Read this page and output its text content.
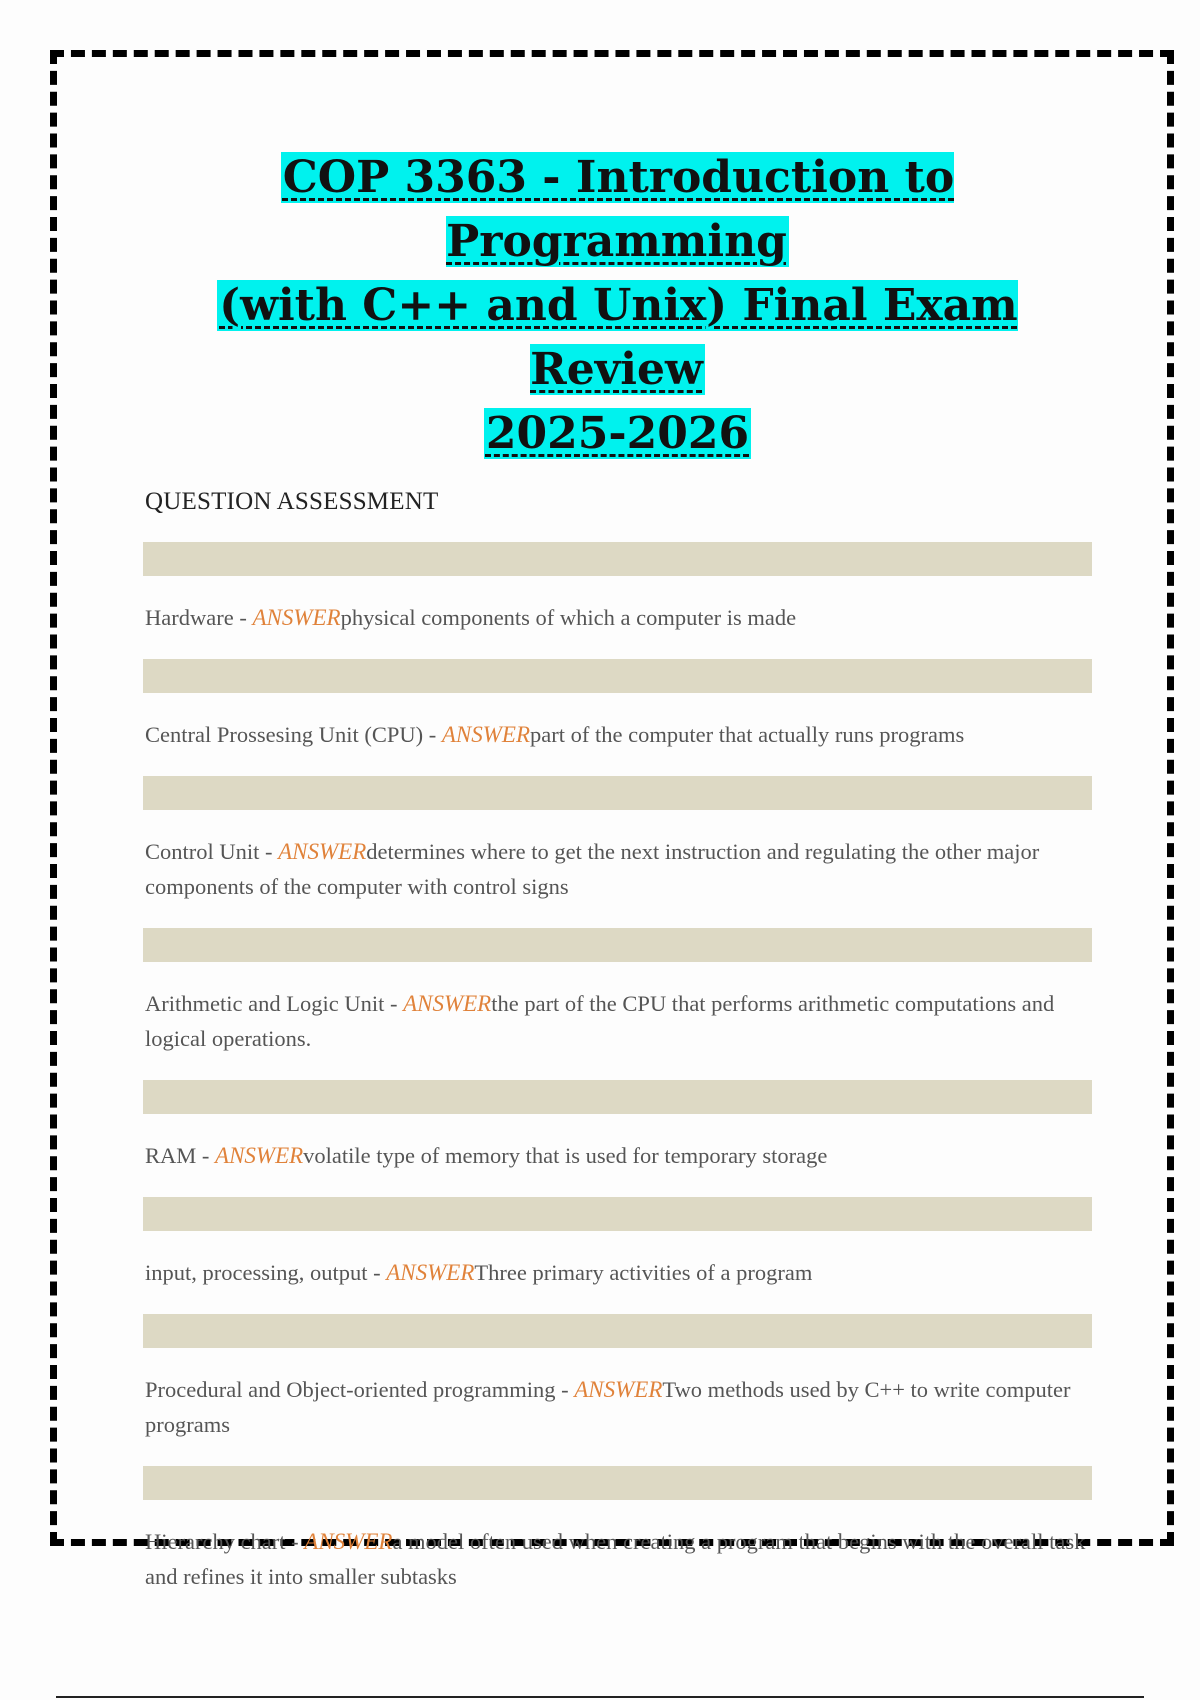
COP 3363 - Introduction to Programming
(with C++ and Unix) Final Exam Review
2025-2026
QUESTION ASSESSMENT
Hardware - ANSWERphysical components of which a computer is made
Central Prossesing Unit (CPU) - ANSWERpart of the computer that actually runs programs
Control Unit - ANSWERdetermines where to get the next instruction and regulating the other major components of the computer with control signs
Arithmetic and Logic Unit - ANSWERthe part of the CPU that performs arithmetic computations and logical operations.
RAM - ANSWERvolatile type of memory that is used for temporary storage
input, processing, output - ANSWERThree primary activities of a program
Procedural and Object-oriented programming - ANSWERTwo methods used by C++ to write computer programs
Hierarchy chart - ANSWERa model often used when creating a program that begins with the overall task and refines it into smaller subtasks
